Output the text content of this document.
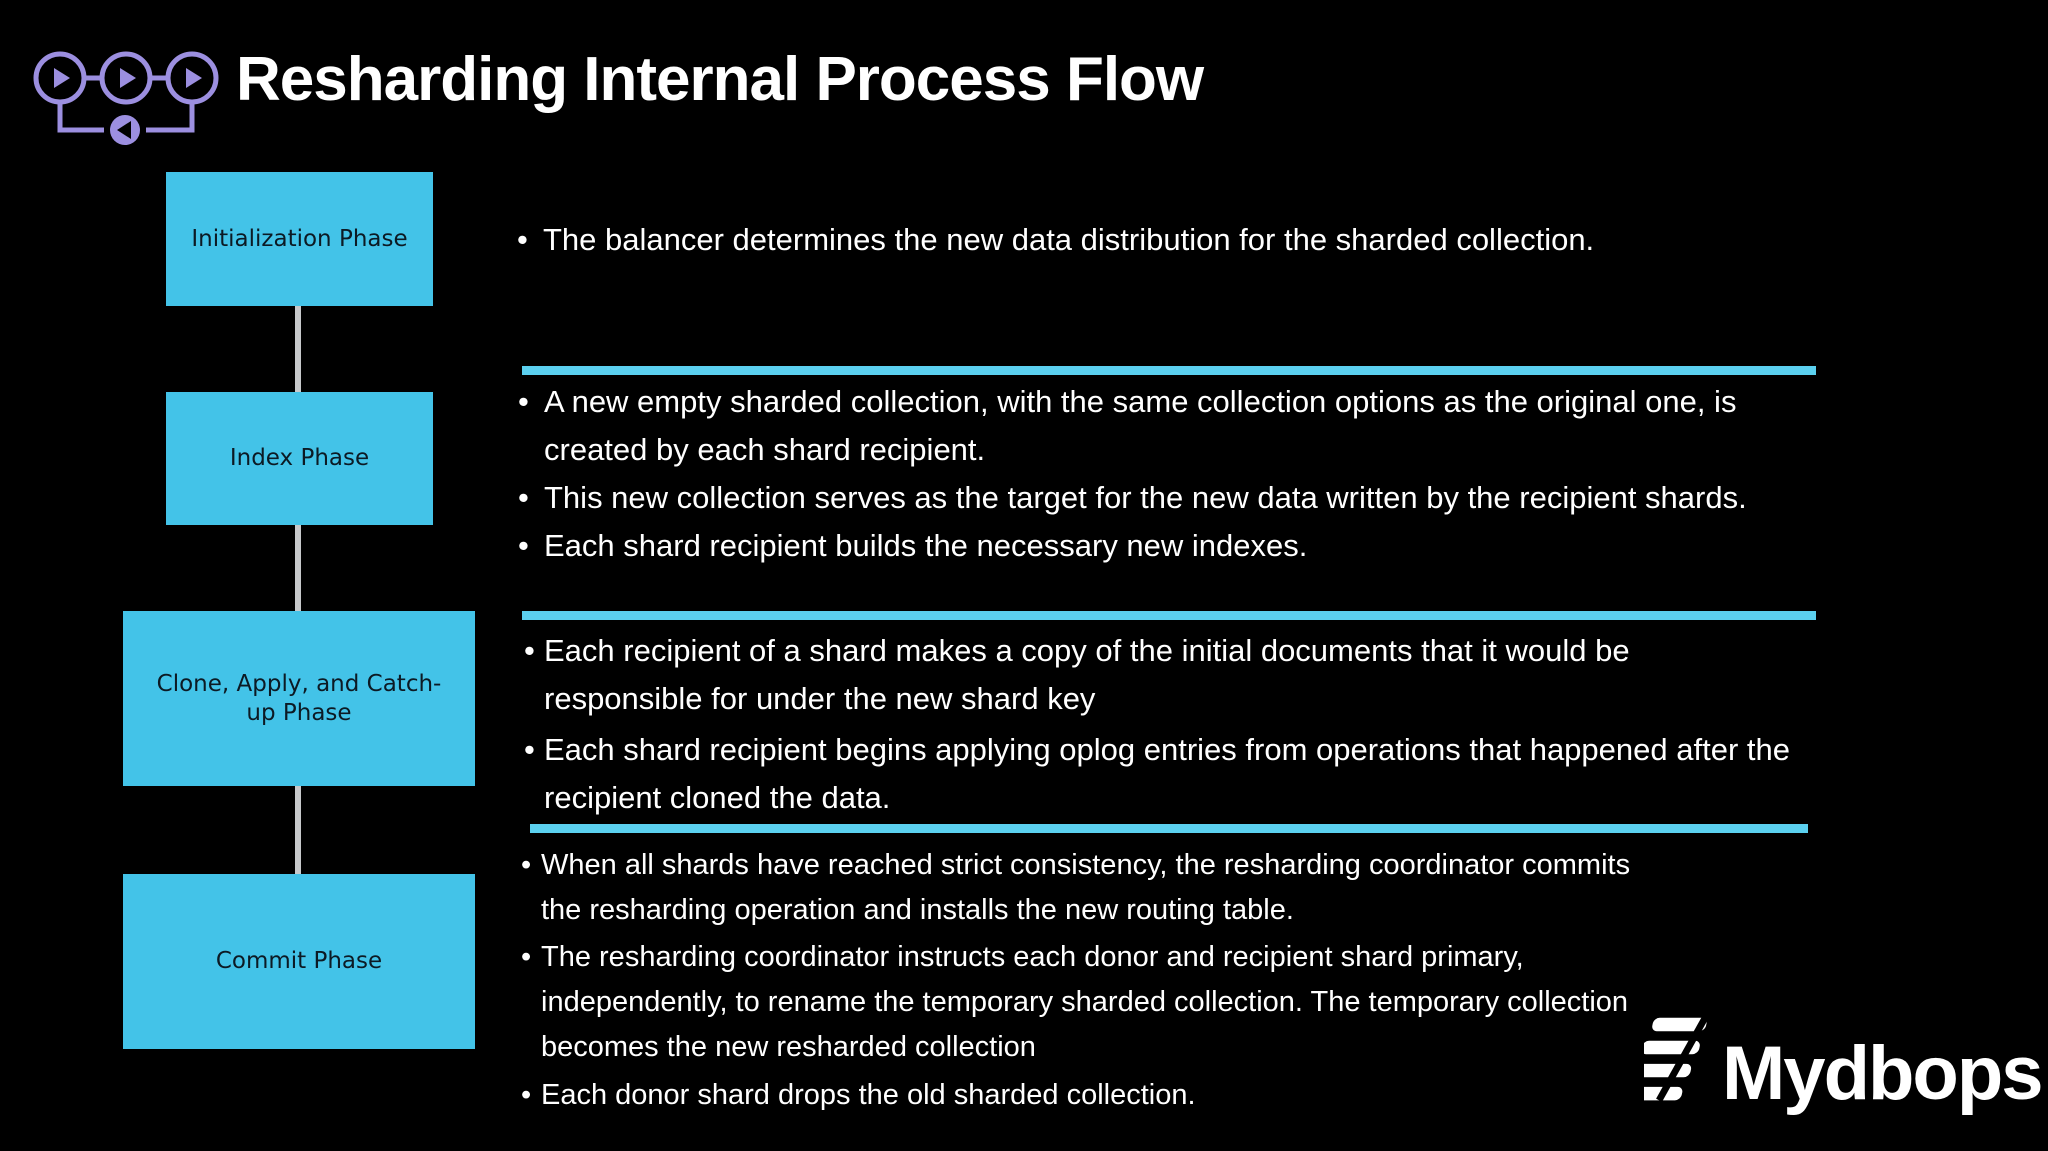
Resharding Internal Process Flow
Initialization Phase
Index Phase
Clone, Apply, and Catch-up Phase
Commit Phase
• The balancer determines the new data distribution for the sharded collection.
• A new empty sharded collection, with the same collection options as the original one, is
created by each shard recipient.
• This new collection serves as the target for the new data written by the recipient shards.
• Each shard recipient builds the necessary new indexes.
• Each recipient of a shard makes a copy of the initial documents that it would be
responsible for under the new shard key
• Each shard recipient begins applying oplog entries from operations that happened after the
recipient cloned the data.
• When all shards have reached strict consistency, the resharding coordinator commits
the resharding operation and installs the new routing table.
• The resharding coordinator instructs each donor and recipient shard primary,
independently, to rename the temporary sharded collection. The temporary collection
becomes the new resharded collection
• Each donor shard drops the old sharded collection.	Mydbops
